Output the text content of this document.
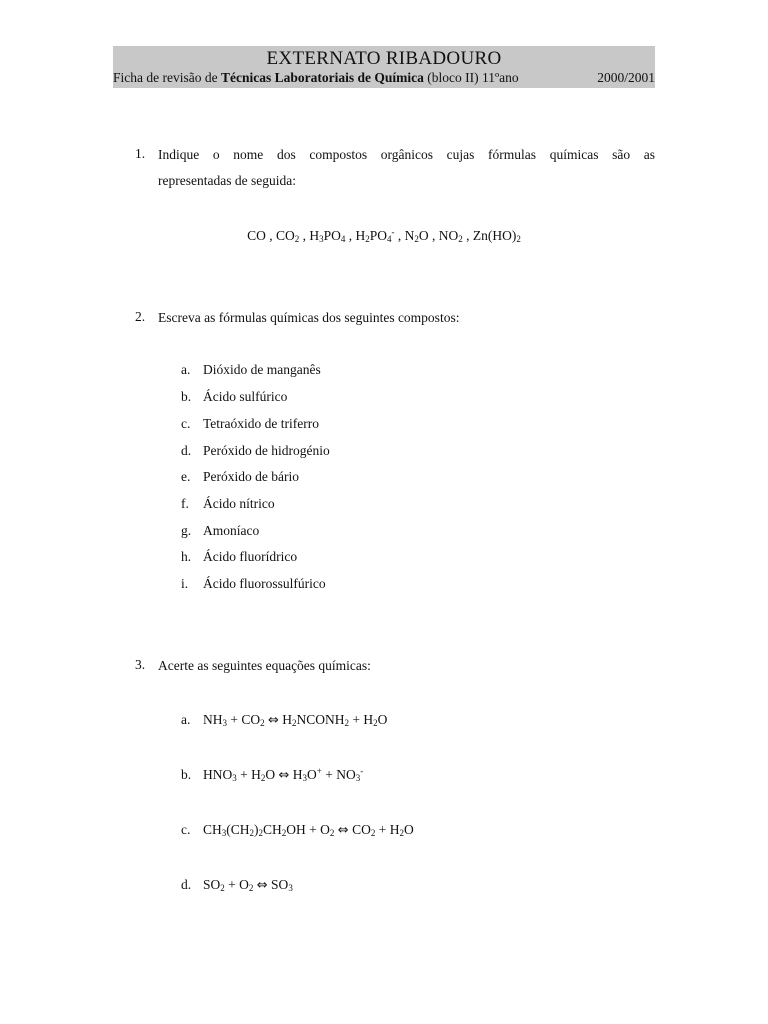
EXTERNATO RIBADOURO
Ficha de revisão de Técnicas Laboratoriais de Química (bloco II) 11ºano	2000/2001
1. Indique o nome dos compostos orgânicos cujas fórmulas químicas são as
representadas de seguida:
CO , $CO_2$ , $H_3PO_4$ , $H_2PO_4^-$ , $N_2O$ , $NO_2$ , $Zn(HO)_2$
2. Escreva as fórmulas químicas dos seguintes compostos:
a. Dióxido de manganês
b. Ácido sulfúrico
c. Tetraóxido de triferro
d. Peróxido de hidrogénio
e. Peróxido de bário
f. Ácido nítrico
g. Amoníaco
h. Ácido fluorídrico
i. Ácido fluorossulfúrico
3. Acerte as seguintes equações químicas:
a. $NH_3 + CO_2$ ⇔ $H_2NCONH_2 + H_2O$
b. $HNO_3 + H_2O$ ⇔ $H_3O^+ + NO_3^-$
c. $CH_3(CH_2)_2CH_2OH + O_2$ ⇔ $CO_2 + H_2O$
d. $SO_2 + O_2$ ⇔ $SO_3$
